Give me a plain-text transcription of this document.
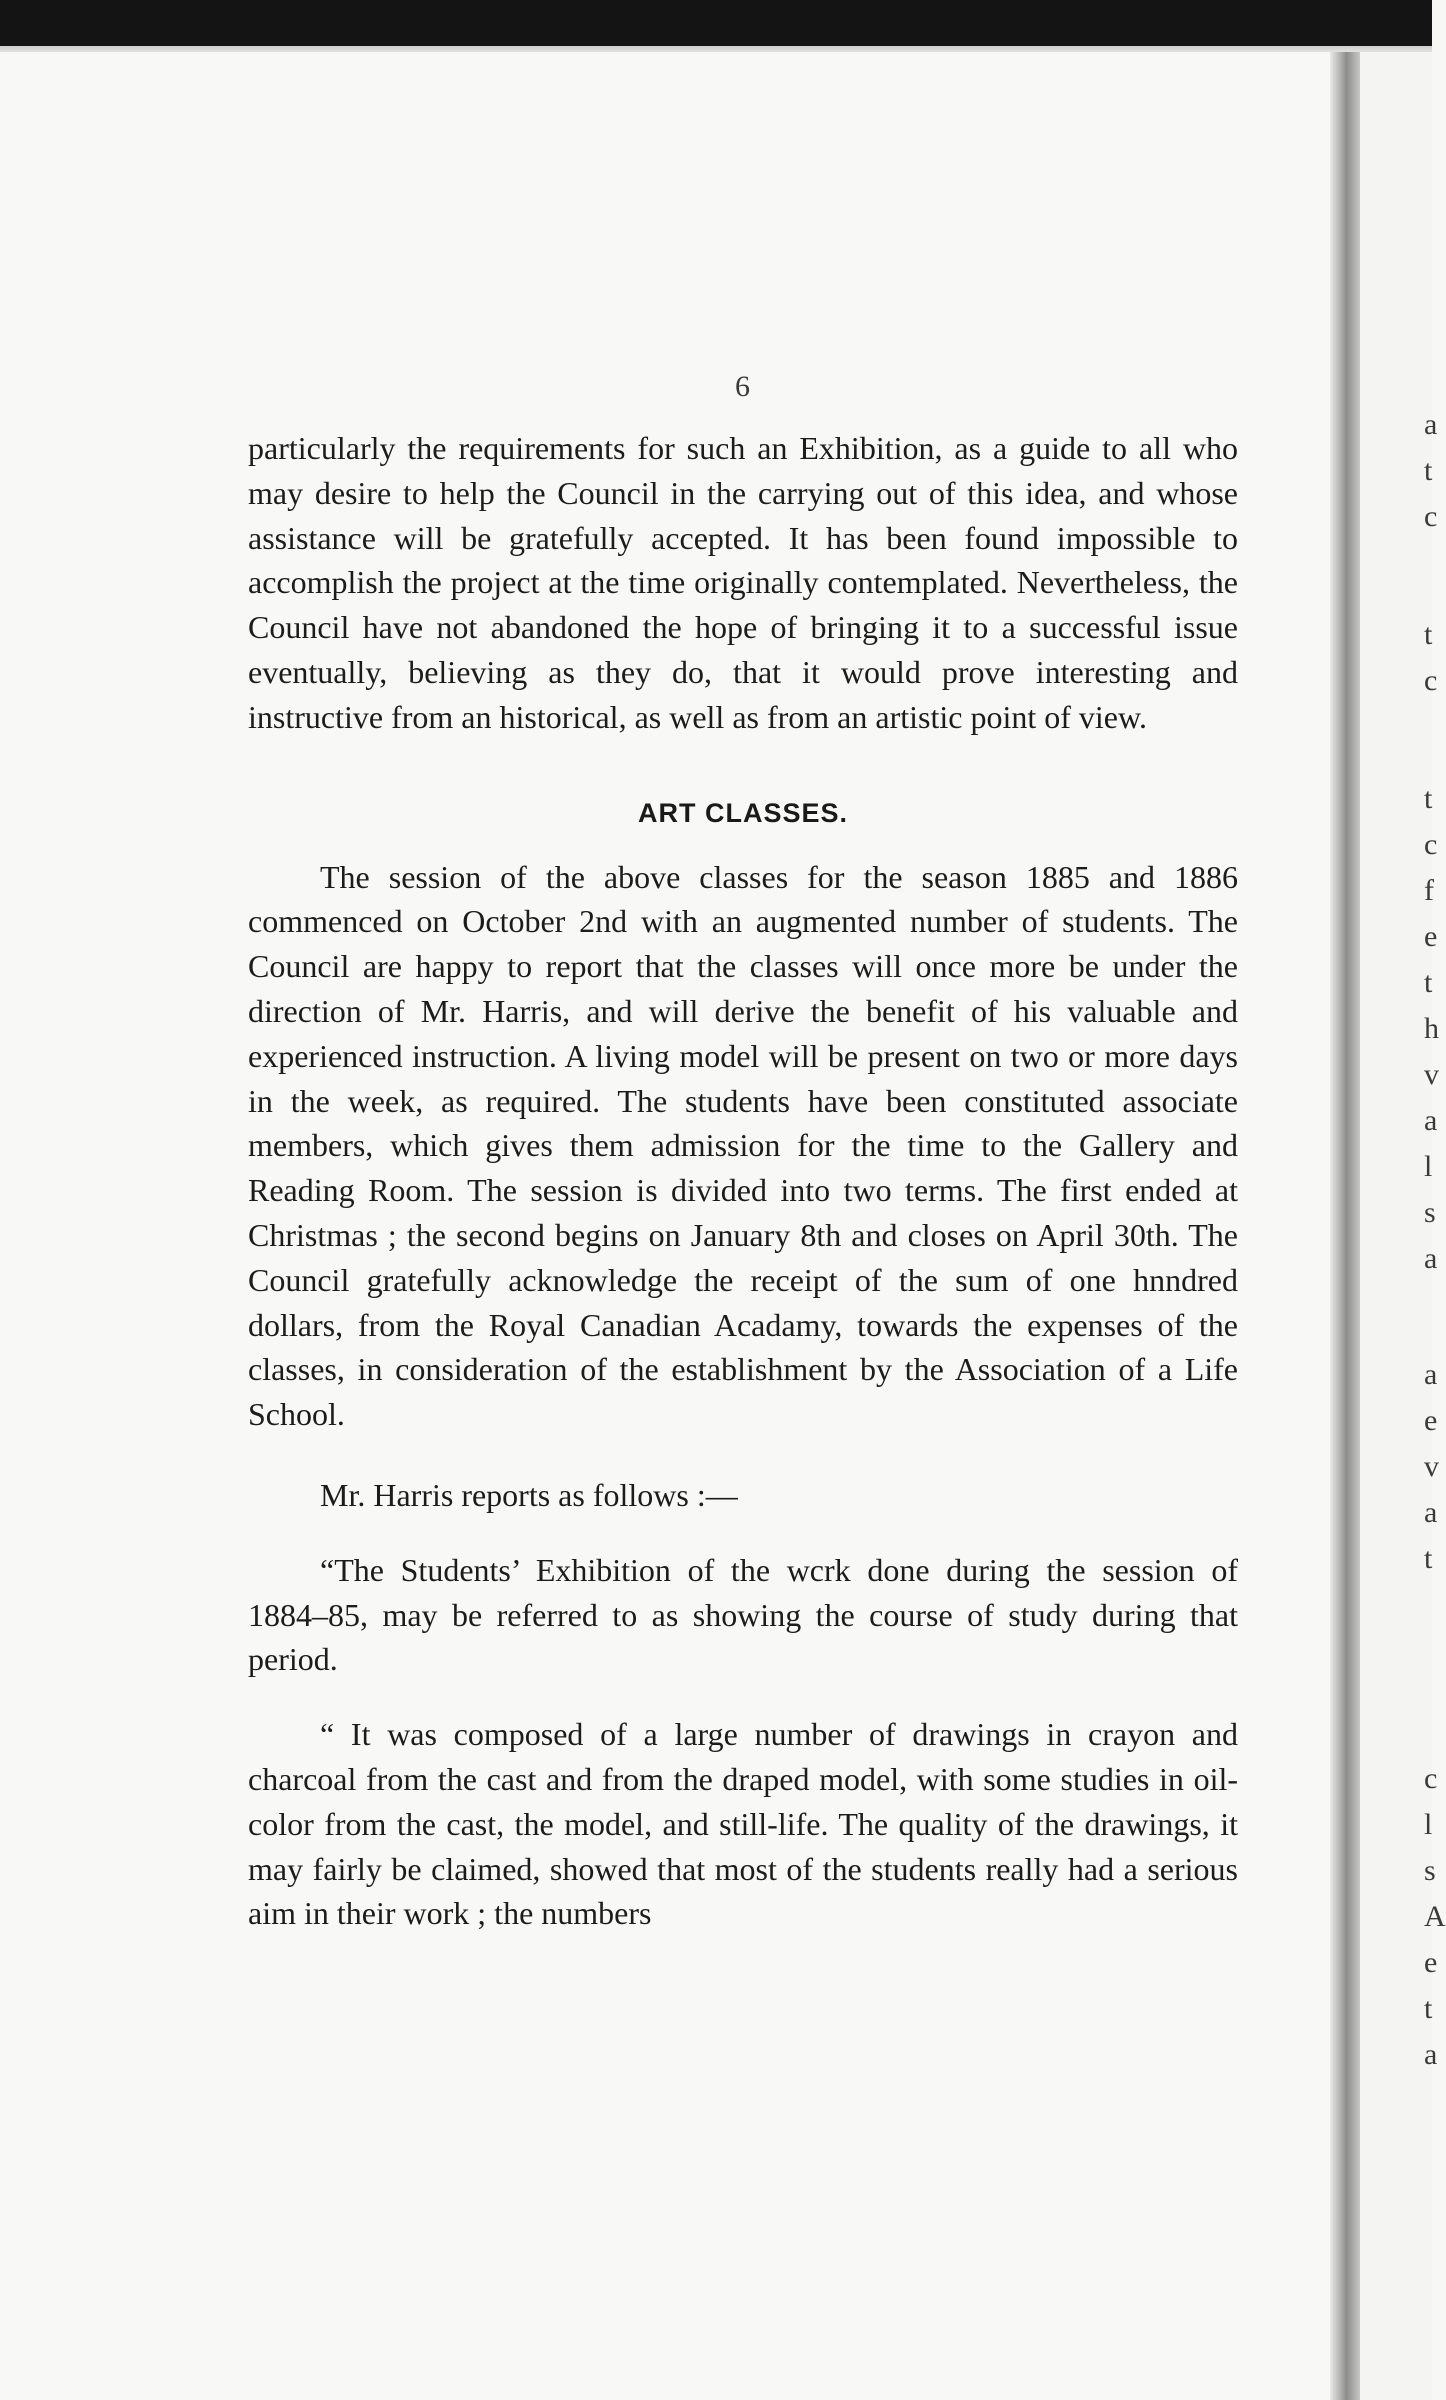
6

particularly the requirements for such an Exhibition, as a guide to all who may desire to help the Council in the carrying out of this idea, and whose assistance will be gratefully accepted. It has been found impossible to accomplish the project at the time originally contemplated. Nevertheless, the Council have not abandoned the hope of bringing it to a successful issue eventually, believing as they do, that it would prove interesting and instructive from an historical, as well as from an artistic point of view.

ART CLASSES.

The session of the above classes for the season 1885 and 1886 commenced on October 2nd with an augmented number of students. The Council are happy to report that the classes will once more be under the direction of Mr. Harris, and will derive the benefit of his valuable and experienced instruction. A living model will be present on two or more days in the week, as required. The students have been constituted associate members, which gives them admission for the time to the Gallery and Reading Room. The session is divided into two terms. The first ended at Christmas ; the second begins on January 8th and closes on April 30th. The Council gratefully acknowledge the receipt of the sum of one hnndred dollars, from the Royal Canadian Acadamy, towards the expenses of the classes, in consideration of the establishment by the Association of a Life School.

Mr. Harris reports as follows :—

“The Students’ Exhibition of the wcrk done during the session of 1884–85, may be referred to as showing the course of study during that period.

“ It was composed of a large number of drawings in crayon and charcoal from the cast and from the draped model, with some studies in oil-color from the cast, the model, and still-life. The quality of the drawings, it may fairly be claimed, showed that most of the students really had a serious aim in their work ; the numbers

a
t
c
t
c
t
c
f
e
t
h
v
a
l
s
a
a
e
v
a
t
c
l
s
A
e
t
a
